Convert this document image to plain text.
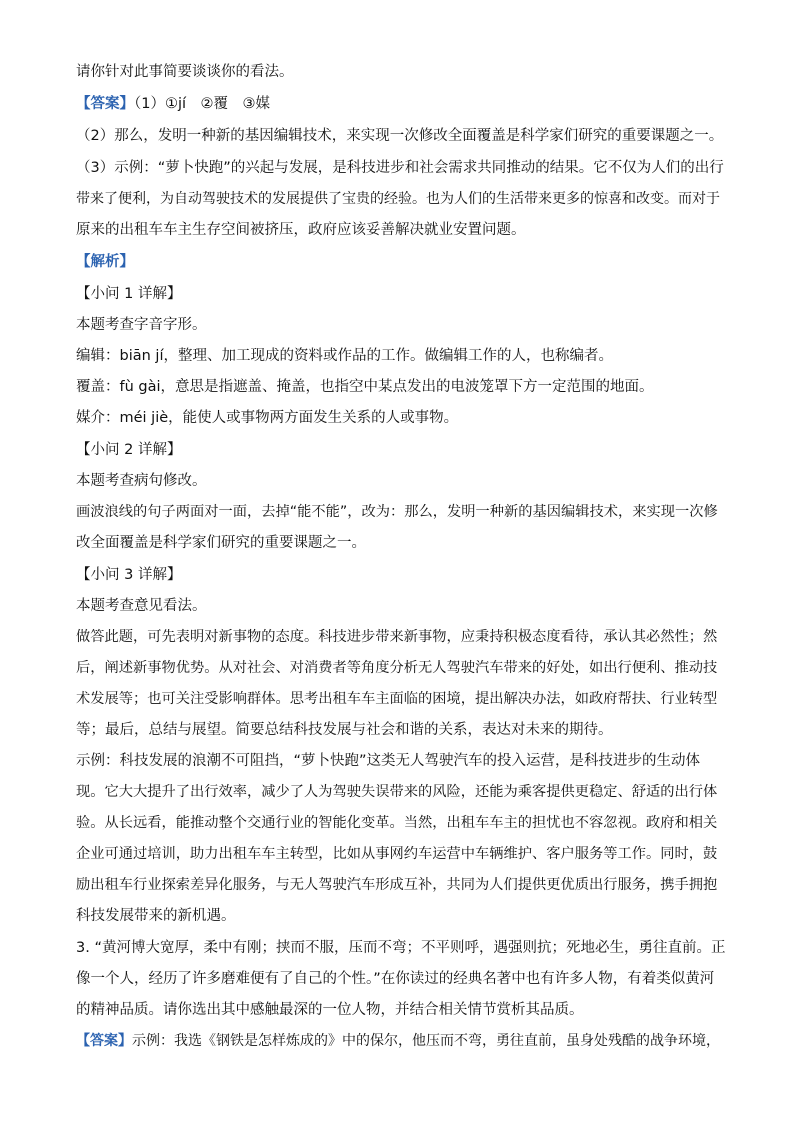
请你针对此事简要谈谈你的看法。
【答案】（1）①jí　②覆　③媒
（2）那么，发明一种新的基因编辑技术，来实现一次修改全面覆盖是科学家们研究的重要课题之一。
（3）示例：“萝卜快跑”的兴起与发展，是科技进步和社会需求共同推动的结果。它不仅为人们的出行
带来了便利，为自动驾驶技术的发展提供了宝贵的经验。也为人们的生活带来更多的惊喜和改变。而对于
原来的出租车车主生存空间被挤压，政府应该妥善解决就业安置问题。
【解析】
【小问 1 详解】
本题考查字音字形。
编辑：biān jí，整理、加工现成的资料或作品的工作。做编辑工作的人，也称编者。
覆盖：fù gài，意思是指遮盖、掩盖，也指空中某点发出的电波笼罩下方一定范围的地面。
媒介：méi jiè，能使人或事物两方面发生关系的人或事物。
【小问 2 详解】
本题考查病句修改。
画波浪线的句子两面对一面，去掉“能不能”，改为：那么，发明一种新的基因编辑技术，来实现一次修
改全面覆盖是科学家们研究的重要课题之一。
【小问 3 详解】
本题考查意见看法。
做答此题，可先表明对新事物的态度。科技进步带来新事物，应秉持积极态度看待，承认其必然性；然
后，阐述新事物优势。从对社会、对消费者等角度分析无人驾驶汽车带来的好处，如出行便利、推动技
术发展等；也可关注受影响群体。思考出租车车主面临的困境，提出解决办法，如政府帮扶、行业转型
等；最后，总结与展望。简要总结科技发展与社会和谐的关系，表达对未来的期待。
示例：科技发展的浪潮不可阻挡，“萝卜快跑”这类无人驾驶汽车的投入运营，是科技进步的生动体
现。它大大提升了出行效率，减少了人为驾驶失误带来的风险，还能为乘客提供更稳定、舒适的出行体
验。从长远看，能推动整个交通行业的智能化变革。当然，出租车车主的担忧也不容忽视。政府和相关
企业可通过培训，助力出租车车主转型，比如从事网约车运营中车辆维护、客户服务等工作。同时，鼓
励出租车行业探索差异化服务，与无人驾驶汽车形成互补，共同为人们提供更优质出行服务，携手拥抱
科技发展带来的新机遇。
3. “黄河博大宽厚，柔中有刚；挟而不服，压而不弯；不平则呼，遇强则抗；死地必生，勇往直前。正
像一个人，经历了许多磨难便有了自己的个性。”在你读过的经典名著中也有许多人物，有着类似黄河
的精神品质。请你选出其中感触最深的一位人物，并结合相关情节赏析其品质。
【答案】示例：我选《钢铁是怎样炼成的》中的保尔，他压而不弯，勇往直前，虽身处残酷的战争环境，
